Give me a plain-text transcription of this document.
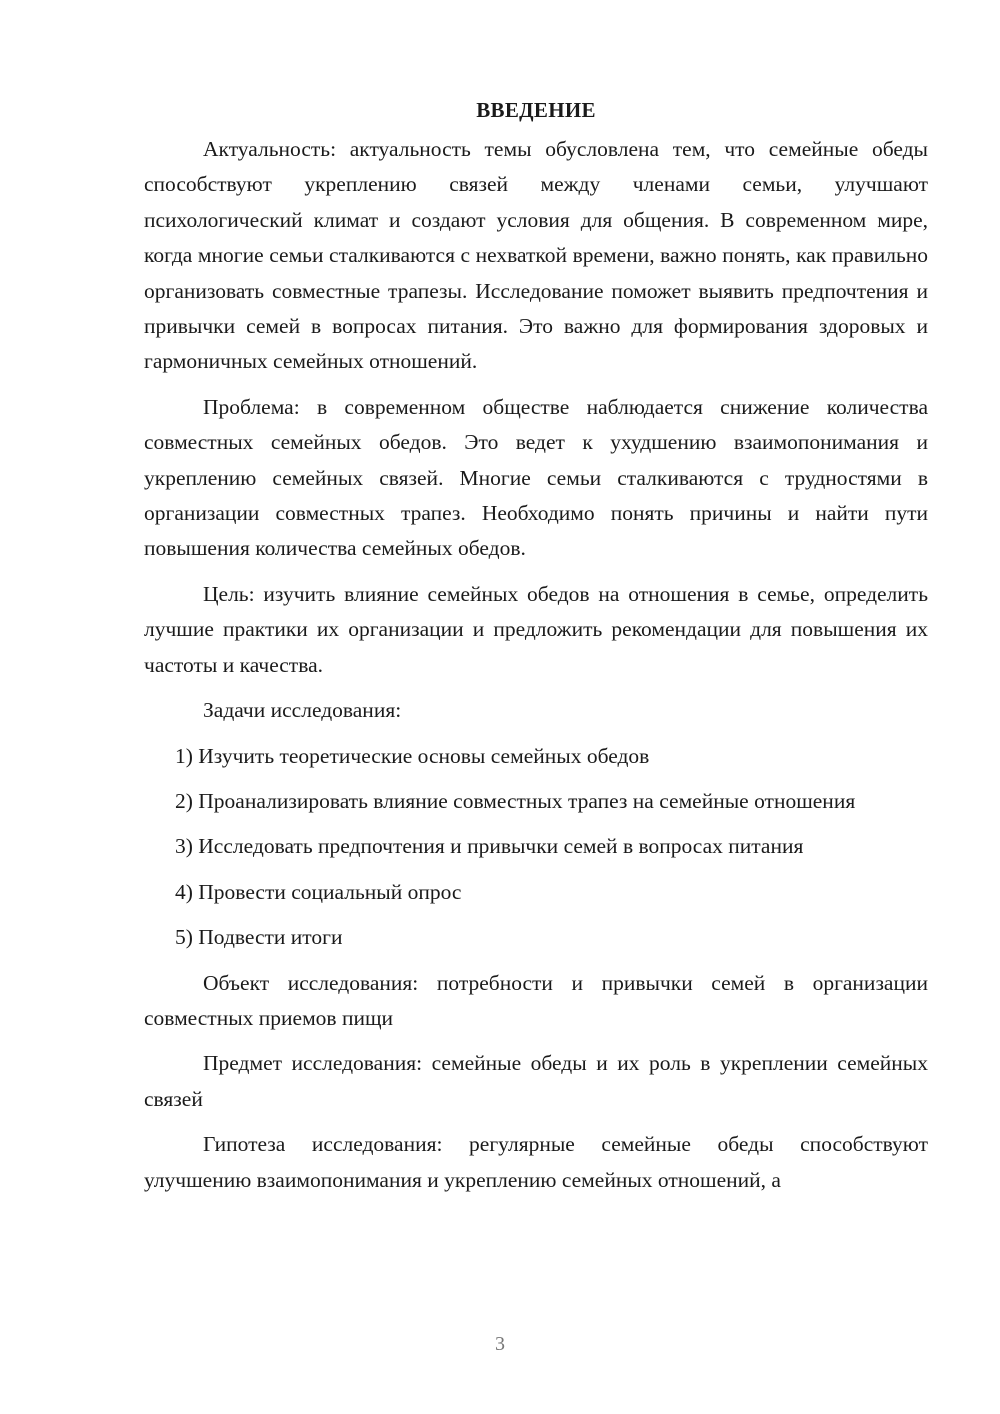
ВВЕДЕНИЕ

Актуальность: актуальность темы обусловлена тем, что семейные обеды способствуют укреплению связей между членами семьи, улучшают психологический климат и создают условия для общения. В современном мире, когда многие семьи сталкиваются с нехваткой времени, важно понять, как правильно организовать совместные трапезы. Исследование поможет выявить предпочтения и привычки семей в вопросах питания. Это важно для формирования здоровых и гармоничных семейных отношений.

Проблема: в современном обществе наблюдается снижение количества совместных семейных обедов. Это ведет к ухудшению взаимопонимания и укреплению семейных связей. Многие семьи сталкиваются с трудностями в организации совместных трапез. Необходимо понять причины и найти пути повышения количества семейных обедов.

Цель: изучить влияние семейных обедов на отношения в семье, определить лучшие практики их организации и предложить рекомендации для повышения их частоты и качества.

Задачи исследования:

1) Изучить теоретические основы семейных обедов

2) Проанализировать влияние совместных трапез на семейные отношения

3) Исследовать предпочтения и привычки семей в вопросах питания

4) Провести социальный опрос

5) Подвести итоги

Объект исследования: потребности и привычки семей в организации совместных приемов пищи

Предмет исследования: семейные обеды и их роль в укреплении семейных связей

Гипотеза исследования: регулярные семейные обеды способствуют улучшению взаимопонимания и укреплению семейных отношений, а

3
